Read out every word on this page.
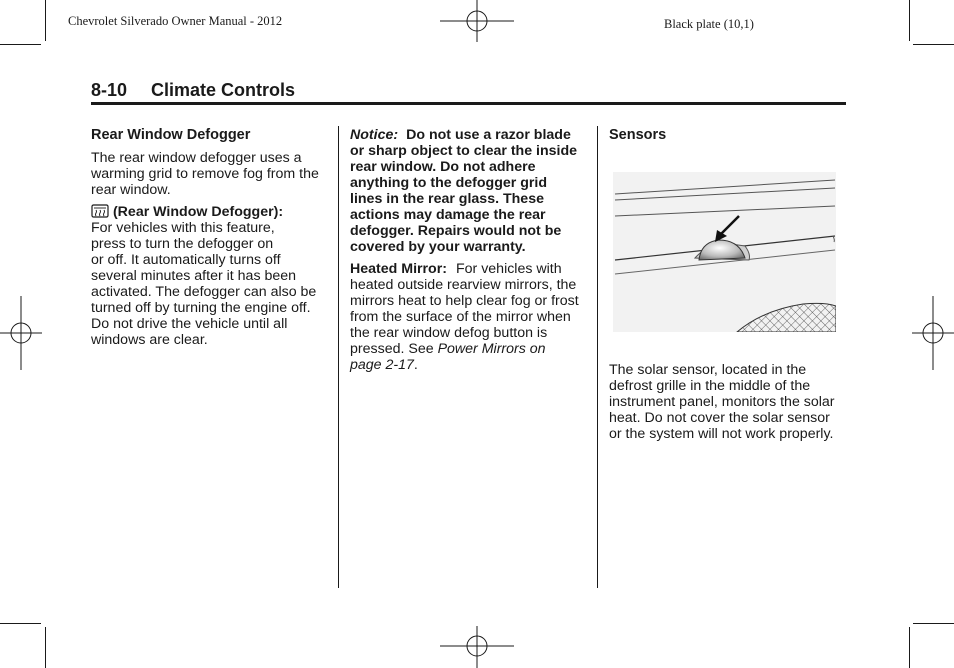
Chevrolet Silverado Owner Manual - 2012	Black plate (10,1)
8-10 Climate Controls

Rear Window Defogger

The rear window defogger uses a warming grid to remove fog from the rear window.

(Rear Window Defogger):

For vehicles with this feature,

press to turn the defogger on

or off. It automatically turns off

several minutes after it has been

activated. The defogger can also be

turned off by turning the engine off.

Do not drive the vehicle until all

windows are clear.

Notice: Do not use a razor blade

or sharp object to clear the inside

rear window. Do not adhere

anything to the defogger grid

lines in the rear glass. These

actions may damage the rear

defogger. Repairs would not be

covered by your warranty.

Heated Mirror: For vehicles with

heated outside rearview mirrors, the

mirrors heat to help clear fog or frost

from the surface of the mirror when

the rear window defog button is

pressed. See Power Mirrors on

page 2-17.

Sensors

The solar sensor, located in the

defrost grille in the middle of the

instrument panel, monitors the solar

heat. Do not cover the solar sensor

or the system will not work properly.
